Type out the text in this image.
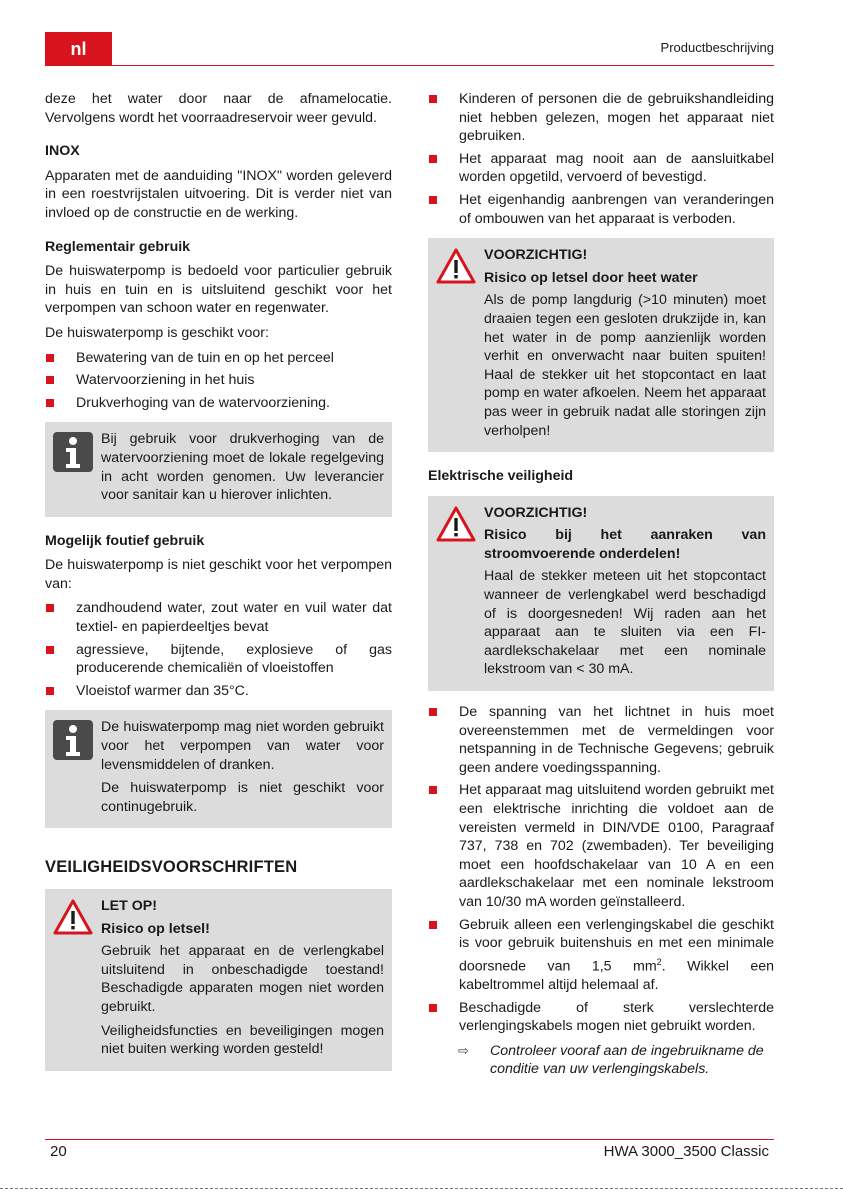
nl	Productbeschrijving

deze het water door naar de afnamelocatie. Vervolgens wordt het voorraadreservoir weer gevuld.

INOX

Apparaten met de aanduiding "INOX" worden geleverd in een roestvrijstalen uitvoering. Dit is verder niet van invloed op de constructie en de werking.

Reglementair gebruik

De huiswaterpomp is bedoeld voor particulier gebruik in huis en tuin en is uitsluitend geschikt voor het verpompen van schoon water en regenwater.

De huiswaterpomp is geschikt voor:

Bewatering van de tuin en op het perceel
Watervoorziening in het huis
Drukverhoging van de watervoorziening.

Bij gebruik voor drukverhoging van de watervoorziening moet de lokale regelgeving in acht worden genomen. Uw leverancier voor sanitair kan u hierover inlichten.

Mogelijk foutief gebruik

De huiswaterpomp is niet geschikt voor het verpompen van:

zandhoudend water, zout water en vuil water dat textiel- en papierdeeltjes bevat
agressieve, bijtende, explosieve of gas producerende chemicaliën of vloeistoffen
Vloeistof warmer dan 35°C.

De huiswaterpomp mag niet worden gebruikt voor het verpompen van water voor levensmiddelen of dranken.

De huiswaterpomp is niet geschikt voor continugebruik.

VEILIGHEIDSVOORSCHRIFTEN

LET OP!

Risico op letsel!

Gebruik het apparaat en de verlengkabel uitsluitend in onbeschadigde toestand! Beschadigde apparaten mogen niet worden gebruikt.

Veiligheidsfuncties en beveiligingen mogen niet buiten werking worden gesteld!

Kinderen of personen die de gebruikshandleiding niet hebben gelezen, mogen het apparaat niet gebruiken.
Het apparaat mag nooit aan de aansluitkabel worden opgetild, vervoerd of bevestigd.
Het eigenhandig aanbrengen van veranderingen of ombouwen van het apparaat is verboden.

VOORZICHTIG!

Risico op letsel door heet water

Als de pomp langdurig (>10 minuten) moet draaien tegen een gesloten drukzijde in, kan het water in de pomp aanzienlijk worden verhit en onverwacht naar buiten spuiten! Haal de stekker uit het stopcontact en laat pomp en water afkoelen. Neem het apparaat pas weer in gebruik nadat alle storingen zijn verholpen!

Elektrische veiligheid

VOORZICHTIG!

Risico bij het aanraken van stroomvoerende onderdelen!

Haal de stekker meteen uit het stopcontact wanneer de verlengkabel werd beschadigd of is doorgesneden! Wij raden aan het apparaat aan te sluiten via een FI-aardlekschakelaar met een nominale lekstroom van < 30 mA.

De spanning van het lichtnet in huis moet overeenstemmen met de vermeldingen voor netspanning in de Technische Gegevens; gebruik geen andere voedingsspanning.
Het apparaat mag uitsluitend worden gebruikt met een elektrische inrichting die voldoet aan de vereisten vermeld in DIN/VDE 0100, Paragraaf 737, 738 en 702 (zwembaden). Ter beveiliging moet een hoofdschakelaar van 10 A en een aardlekschakelaar met een nominale lekstroom van 10/30 mA worden geïnstalleerd.
Gebruik alleen een verlengingskabel die geschikt is voor gebruik buitenshuis en met een minimale doorsnede van 1,5 $mm^2$. Wikkel een kabeltrommel altijd helemaal af.
Beschadigde of sterk verslechterde verlengingskabels mogen niet gebruikt worden.
⇨ Controleer vooraf aan de ingebruikname de conditie van uw verlengingskabels.
20	HWA 3000_3500 Classic
